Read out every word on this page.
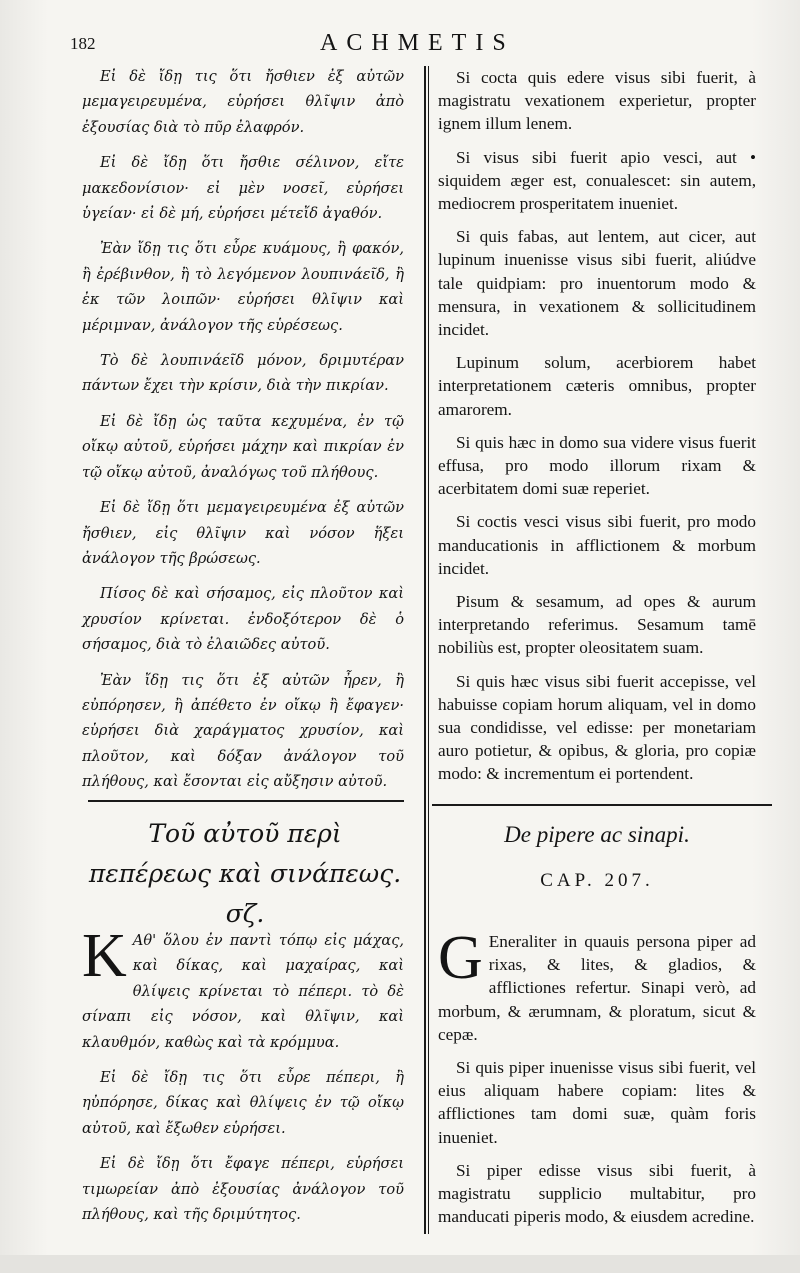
182	ACHMETIS

Εἰ δὲ ἴδῃ τις ὅτι ἤσθιεν ἐξ αὐτῶν μεμαγειρευμένα, εὑρήσει θλῖψιν ἀπὸ ἐξουσίας διὰ τὸ πῦρ ἐλαφρόν.

Εἰ δὲ ἴδῃ ὅτι ἤσθιε σέλινον, εἴτε μακεδονίσιον· εἰ μὲν νοσεῖ, εὑρήσει ὑγείαν· εἰ δὲ μή, εὑρήσει μέτεἴδ ἀγαθόν.

Ἐὰν ἴδῃ τις ὅτι εὗρε κυάμους, ἢ φακόν, ἢ ἐρέβινθον, ἢ τὸ λεγόμενον λουπινάεῖδ, ἢ ἐκ τῶν λοιπῶν· εὑρήσει θλῖψιν καὶ μέριμναν, ἀνάλογον τῆς εὑρέσεως.

Τὸ δὲ λουπινάεῖδ μόνον, δριμυτέραν πάντων ἔχει τὴν κρίσιν, διὰ τὴν πικρίαν.

Εἰ δὲ ἴδῃ ὡς ταῦτα κεχυμένα, ἐν τῷ οἴκῳ αὐτοῦ, εὑρήσει μάχην καὶ πικρίαν ἐν τῷ οἴκῳ αὐτοῦ, ἀναλόγως τοῦ πλήθους.

Εἰ δὲ ἴδῃ ὅτι μεμαγειρευμένα ἐξ αὐτῶν ἤσθιεν, εἰς θλῖψιν καὶ νόσον ἥξει ἀνάλογον τῆς βρώσεως.

Πίσος δὲ καὶ σήσαμος, εἰς πλοῦτον καὶ χρυσίον κρίνεται. ἐνδοξότερον δὲ ὁ σήσαμος, διὰ τὸ ἐλαιῶδες αὐτοῦ.

Ἐὰν ἴδῃ τις ὅτι ἐξ αὐτῶν ἦρεν, ἢ εὐπόρησεν, ἢ ἀπέθετο ἐν οἴκῳ ἢ ἔφαγεν· εὑρήσει διὰ χαράγματος χρυσίον, καὶ πλοῦτον, καὶ δόξαν ἀνάλογον τοῦ πλήθους, καὶ ἔσονται εἰς αὔξησιν αὐτοῦ.

Si cocta quis edere visus sibi fuerit, à magistratu vexationem experietur, propter ignem illum lenem.

Si visus sibi fuerit apio vesci, aut • siquidem æger est, conualescet: sin autem, mediocrem prosperitatem inueniet.

Si quis fabas, aut lentem, aut cicer, aut lupinum inuenisse visus sibi fuerit, aliúdve tale quidpiam: pro inuentorum modo & mensura, in vexationem & sollicitudinem incidet.

Lupinum solum, acerbiorem habet interpretationem cæteris omnibus, propter amarorem.

Si quis hæc in domo sua videre visus fuerit effusa, pro modo illorum rixam & acerbitatem domi suæ reperiet.

Si coctis vesci visus sibi fuerit, pro modo manducationis in afflictionem & morbum incidet.

Pisum & sesamum, ad opes & aurum interpretando referimus. Sesamum tamē nobiliùs est, propter oleositatem suam.

Si quis hæc visus sibi fuerit accepisse, vel habuisse copiam horum aliquam, vel in domo sua condidisse, vel edisse: per monetariam auro potietur, & opibus, & gloria, pro copiæ modo: & incrementum ei portendent.

Τοῦ αὐτοῦ περὶ πεπέρεως καὶ σινάπεως. σζ.
De pipere ac sinapi.
CAP. 207.

K Αθ' ὅλου ἐν παντὶ τόπῳ εἰς μάχας, καὶ δίκας, καὶ μαχαίρας, καὶ θλίψεις κρίνεται τὸ πέπερι. τὸ δὲ σίναπι εἰς νόσον, καὶ θλῖψιν, καὶ κλαυθμόν, καθὼς καὶ τὰ κρόμμυα.

Εἰ δὲ ἴδῃ τις ὅτι εὗρε πέπερι, ἢ ηὐπόρησε, δίκας καὶ θλίψεις ἐν τῷ οἴκῳ αὐτοῦ, καὶ ἔξωθεν εὑρήσει.

Εἰ δὲ ἴδῃ ὅτι ἔφαγε πέπερι, εὑρήσει τιμωρείαν ἀπὸ ἐξουσίας ἀνάλογον τοῦ πλήθους, καὶ τῆς δριμύτητος.

G Eneraliter in quauis persona piper ad rixas, & lites, & gladios, & afflictiones refertur. Sinapi verò, ad morbum, & ærumnam, & ploratum, sicut & cepæ.

Si quis piper inuenisse visus sibi fuerit, vel eius aliquam habere copiam: lites & afflictiones tam domi suæ, quàm foris inueniet.

Si piper edisse visus sibi fuerit, à magistratu supplicio multabitur, pro manducati piperis modo, & eiusdem acredine.
